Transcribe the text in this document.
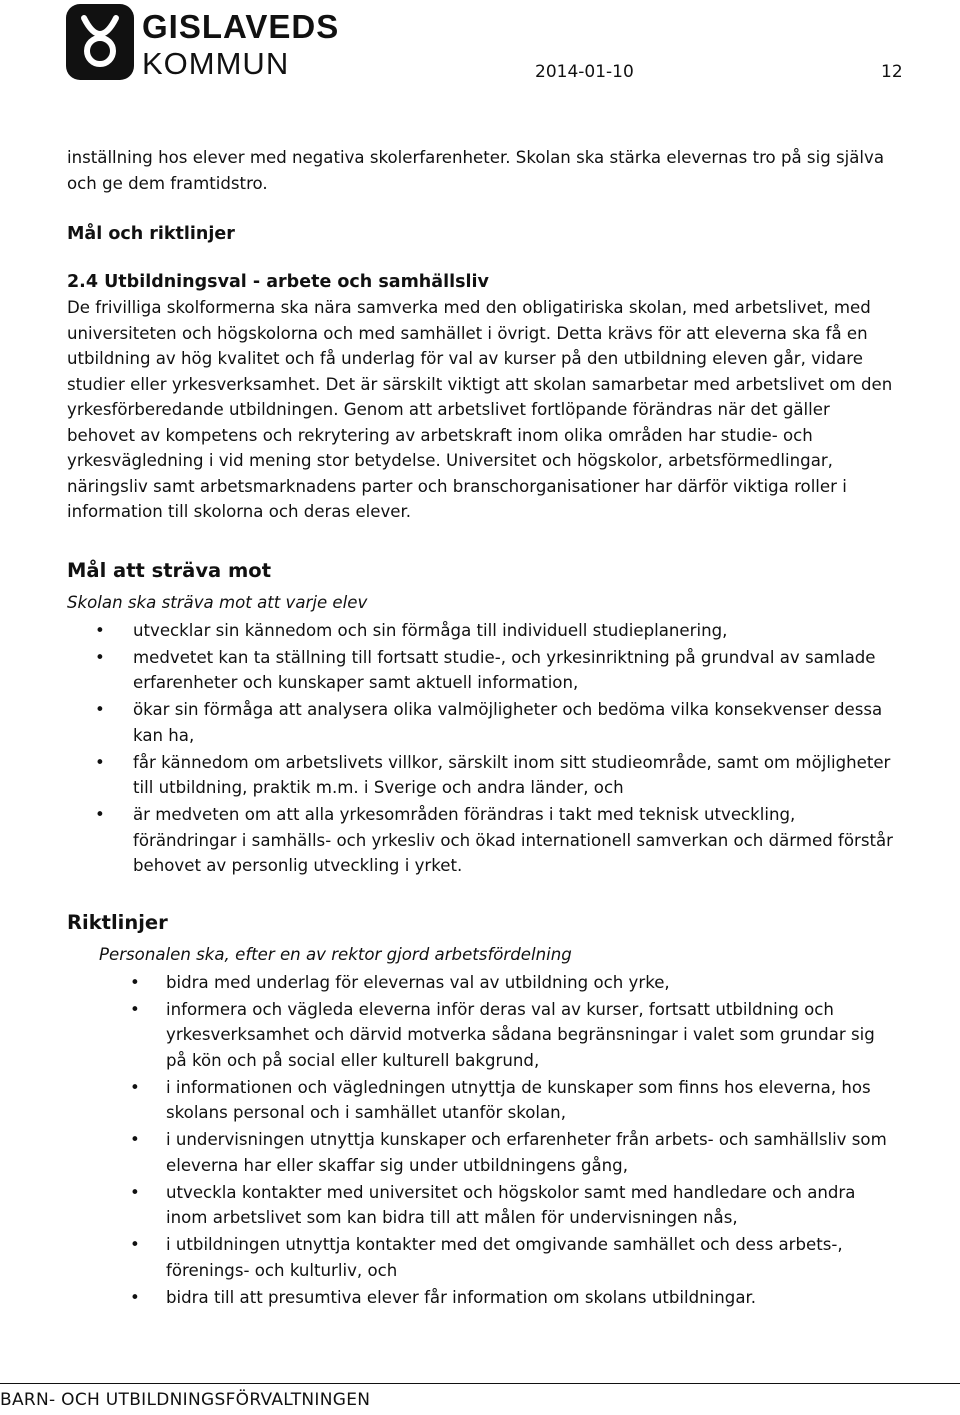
GISLAVEDS
KOMMUN	2014-01-10	12

inställning hos elever med negativa skolerfarenheter. Skolan ska stärka elevernas tro på sig själva och ge dem framtidstro.

Mål och riktlinjer
2.4 Utbildningsval - arbete och samhällsliv

De frivilliga skolformerna ska nära samverka med den obligatiriska skolan, med arbetslivet, med universiteten och högskolorna och med samhället i övrigt. Detta krävs för att eleverna ska få en utbildning av hög kvalitet och få underlag för val av kurser på den utbildning eleven går, vidare studier eller yrkesverksamhet. Det är särskilt viktigt att skolan samarbetar med arbetslivet om den yrkesförberedande utbildningen. Genom att arbetslivet fortlöpande förändras när det gäller behovet av kompetens och rekrytering av arbetskraft inom olika områden har studie- och yrkesvägledning i vid mening stor betydelse. Universitet och högskolor, arbetsförmedlingar, näringsliv samt arbetsmarknadens parter och branschorganisationer har därför viktiga roller i information till skolorna och deras elever.

Mål att sträva mot
Skolan ska sträva mot att varje elev
• utvecklar sin kännedom och sin förmåga till individuell studieplanering,
• medvetet kan ta ställning till fortsatt studie-, och yrkesinriktning på grundval av samlade erfarenheter och kunskaper samt aktuell information,
• ökar sin förmåga att analysera olika valmöjligheter och bedöma vilka konsekvenser dessa kan ha,
• får kännedom om arbetslivets villkor, särskilt inom sitt studieområde, samt om möjligheter till utbildning, praktik m.m. i Sverige och andra länder, och
• är medveten om att alla yrkesområden förändras i takt med teknisk utveckling, förändringar i samhälls- och yrkesliv och ökad internationell samverkan och därmed förstår behovet av personlig utveckling i yrket.
Riktlinjer
Personalen ska, efter en av rektor gjord arbetsfördelning
• bidra med underlag för elevernas val av utbildning och yrke,
• informera och vägleda eleverna inför deras val av kurser, fortsatt utbildning och yrkesverksamhet och därvid motverka sådana begränsningar i valet som grundar sig på kön och på social eller kulturell bakgrund,
• i informationen och vägledningen utnyttja de kunskaper som finns hos eleverna, hos skolans personal och i samhället utanför skolan,
• i undervisningen utnyttja kunskaper och erfarenheter från arbets- och samhällsliv som eleverna har eller skaffar sig under utbildningens gång,
• utveckla kontakter med universitet och högskolor samt med handledare och andra inom arbetslivet som kan bidra till att målen för undervisningen nås,
• i utbildningen utnyttja kontakter med det omgivande samhället och dess arbets-, förenings- och kulturliv, och
• bidra till att presumtiva elever får information om skolans utbildningar.
BARN- OCH UTBILDNINGSFÖRVALTNINGEN
